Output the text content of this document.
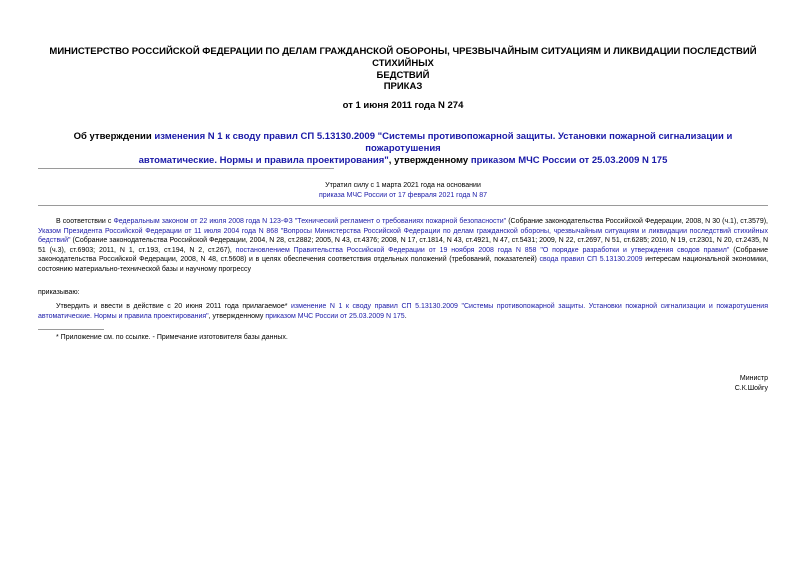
МИНИСТЕРСТВО РОССИЙСКОЙ ФЕДЕРАЦИИ ПО ДЕЛАМ ГРАЖДАНСКОЙ ОБОРОНЫ, ЧРЕЗВЫЧАЙНЫМ СИТУАЦИЯМ И ЛИКВИДАЦИИ ПОСЛЕДСТВИЙ СТИХИЙНЫХ
БЕДСТВИЙ
ПРИКАЗ
от 1 июня 2011 года N 274
Об утверждении изменения N 1 к своду правил СП 5.13130.2009 "Системы противопожарной защиты. Установки пожарной сигнализации и пожаротушения
автоматические. Нормы и правила проектирования", утвержденному приказом МЧС России от 25.03.2009 N 175
Утратил силу с 1 марта 2021 года на основании
приказа МЧС России от 17 февраля 2021 года N 87
В соответствии с Федеральным законом от 22 июля 2008 года N 123-ФЗ "Технический регламент о требованиях пожарной безопасности" (Собрание законодательства Российской Федерации, 2008, N 30 (ч.1), ст.3579), Указом Президента Российской Федерации от 11 июля 2004 года N 868 "Вопросы Министерства Российской Федерации по делам гражданской обороны, чрезвычайным ситуациям и ликвидации последствий стихийных бедствий" (Собрание законодательства Российской Федерации, 2004, N 28, ст.2882; 2005, N 43, ст.4376; 2008, N 17, ст.1814, N 43, ст.4921, N 47, ст.5431; 2009, N 22, ст.2697, N 51, ст.6285; 2010, N 19, ст.2301, N 20, ст.2435, N 51 (ч.3), ст.6903; 2011, N 1, ст.193, ст.194, N 2, ст.267), постановлением Правительства Российской Федерации от 19 ноября 2008 года N 858 "О порядке разработки и утверждения сводов правил" (Собрание законодательства Российской Федерации, 2008, N 48, ст.5608) и в целях обеспечения соответствия отдельных положений (требований, показателей) свода правил СП 5.13130.2009 интересам национальной экономики, состоянию материально-технической базы и научному прогрессу
приказываю:
Утвердить и ввести в действие с 20 июня 2011 года прилагаемое* изменение N 1 к своду правил СП 5.13130.2009 "Системы противопожарной защиты. Установки пожарной сигнализации и пожаротушения автоматические. Нормы и правила проектирования", утвержденному приказом МЧС России от 25.03.2009 N 175.
* Приложение см. по ссылке. - Примечание изготовителя базы данных.
Министр
С.К.Шойгу
